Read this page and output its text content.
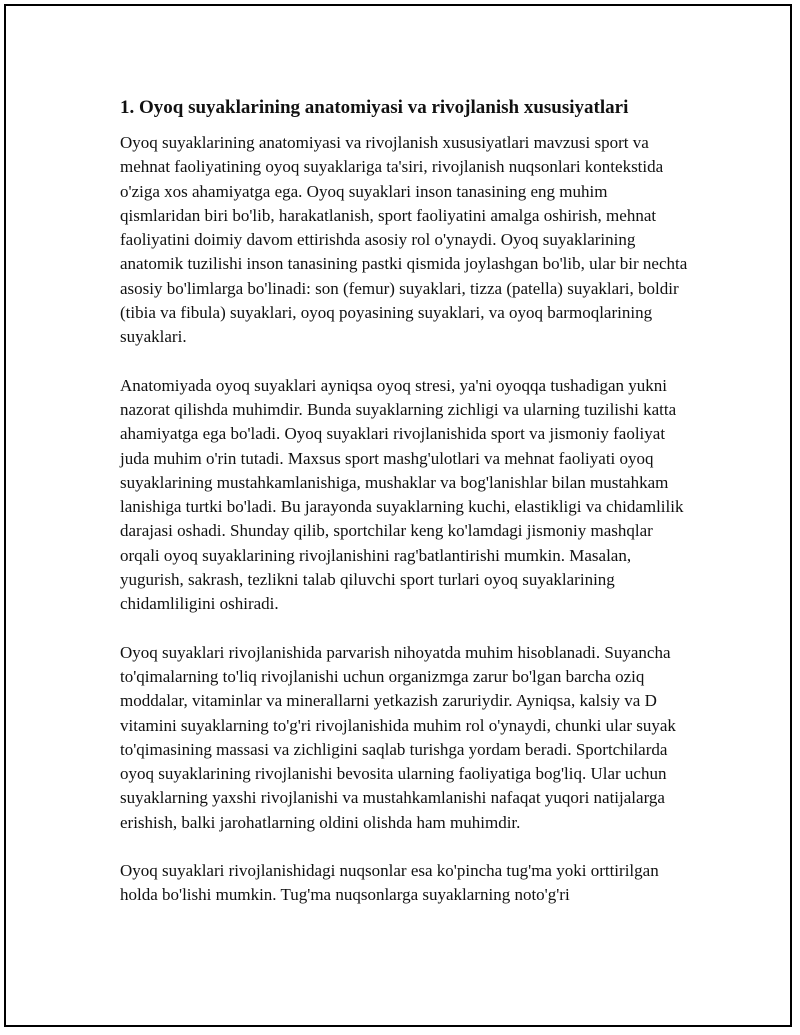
1. Oyoq suyaklarining anatomiyasi va rivojlanish xususiyatlari

Oyoq suyaklarining anatomiyasi va rivojlanish xususiyatlari mavzusi sport va mehnat faoliyatining oyoq suyaklariga ta'siri, rivojlanish nuqsonlari kontekstida o'ziga xos ahamiyatga ega. Oyoq suyaklari inson tanasining eng muhim qismlaridan biri bo'lib, harakatlanish, sport faoliyatini amalga oshirish, mehnat faoliyatini doimiy davom ettirishda asosiy rol o'ynaydi. Oyoq suyaklarining anatomik tuzilishi inson tanasining pastki qismida joylashgan bo'lib, ular bir nechta asosiy bo'limlarga bo'linadi: son (femur) suyaklari, tizza (patella) suyaklari, boldir (tibia va fibula) suyaklari, oyoq poyasining suyaklari, va oyoq barmoqlarining suyaklari.

Anatomiyada oyoq suyaklari ayniqsa oyoq stresi, ya'ni oyoqqa tushadigan yukni nazorat qilishda muhimdir. Bunda suyaklarning zichligi va ularning tuzilishi katta ahamiyatga ega bo'ladi. Oyoq suyaklari rivojlanishida sport va jismoniy faoliyat juda muhim o'rin tutadi. Maxsus sport mashg'ulotlari va mehnat faoliyati oyoq suyaklarining mustahkamlanishiga, mushaklar va bog'lanishlar bilan mustahkam lanishiga turtki bo'ladi. Bu jarayonda suyaklarning kuchi, elastikligi va chidamlilik darajasi oshadi. Shunday qilib, sportchilar keng ko'lamdagi jismoniy mashqlar orqali oyoq suyaklarining rivojlanishini rag'batlantirishi mumkin. Masalan, yugurish, sakrash, tezlikni talab qiluvchi sport turlari oyoq suyaklarining chidamliligini oshiradi.

Oyoq suyaklari rivojlanishida parvarish nihoyatda muhim hisoblanadi. Suyancha to'qimalarning to'liq rivojlanishi uchun organizmga zarur bo'lgan barcha oziq moddalar, vitaminlar va minerallarni yetkazish zaruriydir. Ayniqsa, kalsiy va D vitamini suyaklarning to'g'ri rivojlanishida muhim rol o'ynaydi, chunki ular suyak to'qimasining massasi va zichligini saqlab turishga yordam beradi. Sportchilarda oyoq suyaklarining rivojlanishi bevosita ularning faoliyatiga bog'liq. Ular uchun suyaklarning yaxshi rivojlanishi va mustahkamlanishi nafaqat yuqori natijalarga erishish, balki jarohatlarning oldini olishda ham muhimdir.

Oyoq suyaklari rivojlanishidagi nuqsonlar esa ko'pincha tug'ma yoki orttirilgan holda bo'lishi mumkin. Tug'ma nuqsonlarga suyaklarning noto'g'ri
